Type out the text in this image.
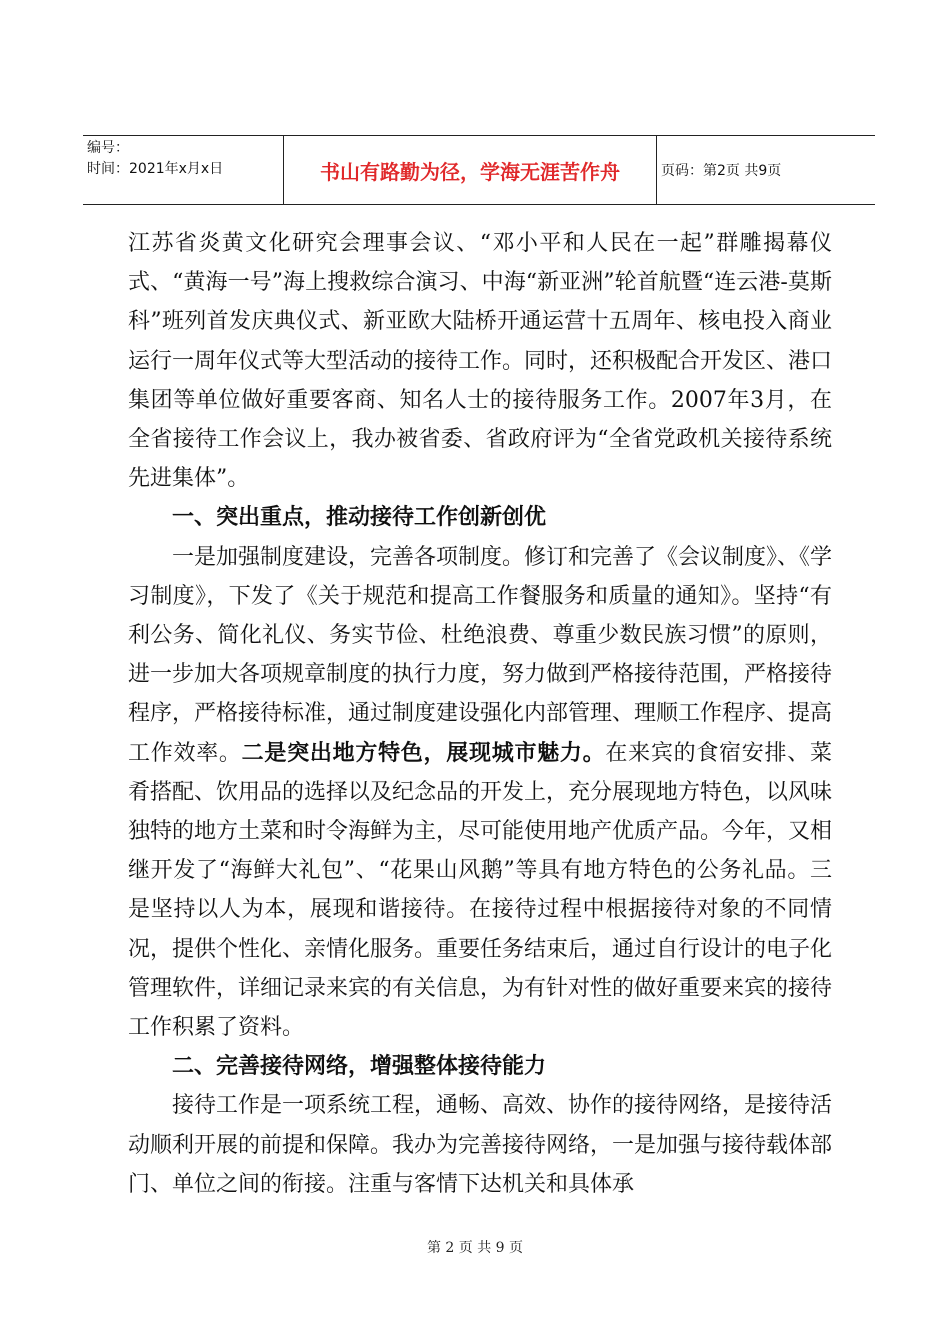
编号：
时间：2021年x月x日	书山有路勤为径，学海无涯苦作舟	页码：第2页 共9页

江苏省炎黄文化研究会理事会议、“邓小平和人民在一起”群雕揭幕仪式、“黄海一号”海上搜救综合演习、中海“新亚洲”轮首航暨“连云港-莫斯科”班列首发庆典仪式、新亚欧大陆桥开通运营十五周年、核电投入商业运行一周年仪式等大型活动的接待工作。同时，还积极配合开发区、港口集团等单位做好重要客商、知名人士的接待服务工作。2007年3月，在全省接待工作会议上，我办被省委、省政府评为“全省党政机关接待系统先进集体”。

一、突出重点，推动接待工作创新创优

一是加强制度建设，完善各项制度。修订和完善了《会议制度》、《学习制度》，下发了《关于规范和提高工作餐服务和质量的通知》。坚持“有利公务、简化礼仪、务实节俭、杜绝浪费、尊重少数民族习惯”的原则，进一步加大各项规章制度的执行力度，努力做到严格接待范围，严格接待程序，严格接待标准，通过制度建设强化内部管理、理顺工作程序、提高工作效率。二是突出地方特色，展现城市魅力。在来宾的食宿安排、菜肴搭配、饮用品的选择以及纪念品的开发上，充分展现地方特色，以风味独特的地方土菜和时令海鲜为主，尽可能使用地产优质产品。今年，又相继开发了“海鲜大礼包”、“花果山风鹅”等具有地方特色的公务礼品。三是坚持以人为本，展现和谐接待。在接待过程中根据接待对象的不同情况，提供个性化、亲情化服务。重要任务结束后，通过自行设计的电子化管理软件，详细记录来宾的有关信息，为有针对性的做好重要来宾的接待工作积累了资料。

二、完善接待网络，增强整体接待能力

接待工作是一项系统工程，通畅、高效、协作的接待网络，是接待活动顺利开展的前提和保障。我办为完善接待网络，一是加强与接待载体部门、单位之间的衔接。注重与客情下达机关和具体承

第 2 页 共 9 页
